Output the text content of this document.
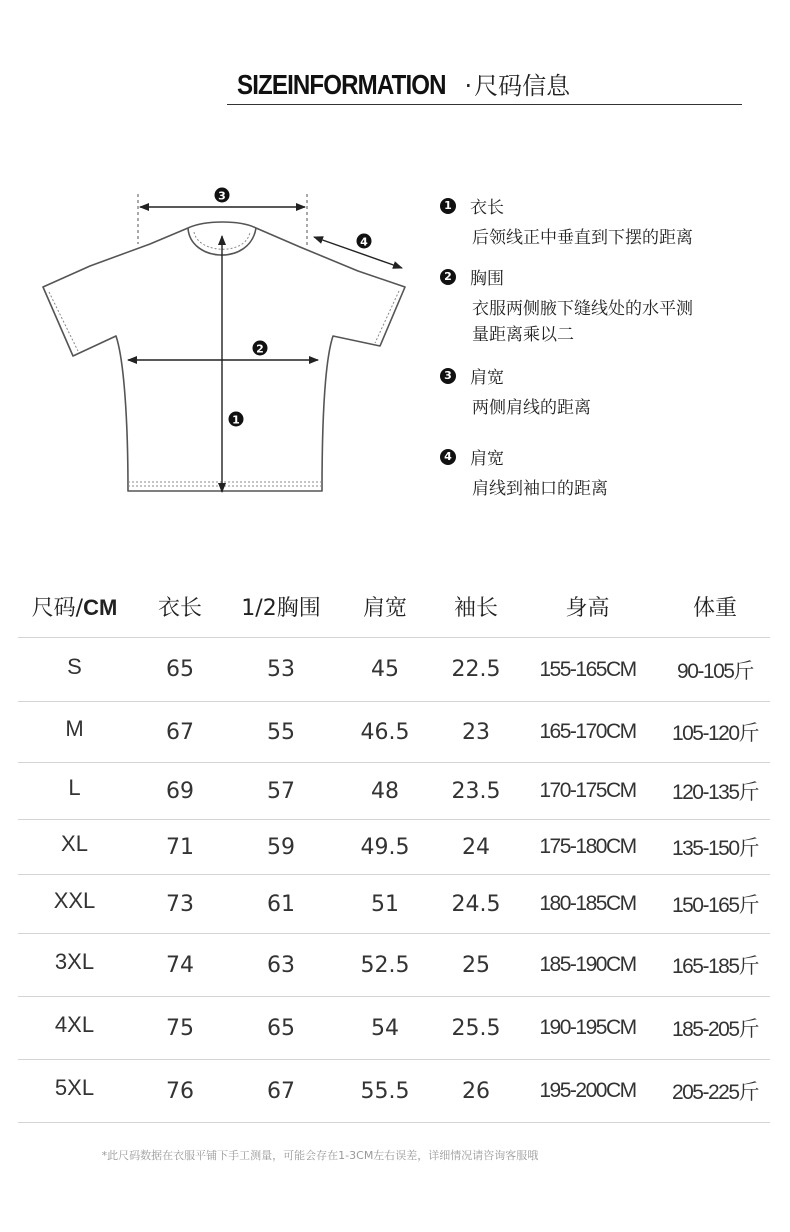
SIZEINFORMATION ·尺码信息
3
4
2
1
1 衣长
后领线正中垂直到下摆的距离
2 胸围
衣服两侧腋下缝线处的水平测
量距离乘以二
3 肩宽
两侧肩线的距离
4 肩宽
肩线到袖口的距离
尺码/CM	衣长	1/2胸围	肩宽	袖长	身高	体重
S	65	53	45	22.5	155-165CM	90-105斤
M	67	55	46.5	23	165-170CM	105-120斤
L	69	57	48	23.5	170-175CM	120-135斤
XL	71	59	49.5	24	175-180CM	135-150斤
XXL	73	61	51	24.5	180-185CM	150-165斤
3XL	74	63	52.5	25	185-190CM	165-185斤
4XL	75	65	54	25.5	190-195CM	185-205斤
5XL	76	67	55.5	26	195-200CM	205-225斤
*此尺码数据在衣服平铺下手工测量，可能会存在1-3CM左右误差，详细情况请咨询客服哦
